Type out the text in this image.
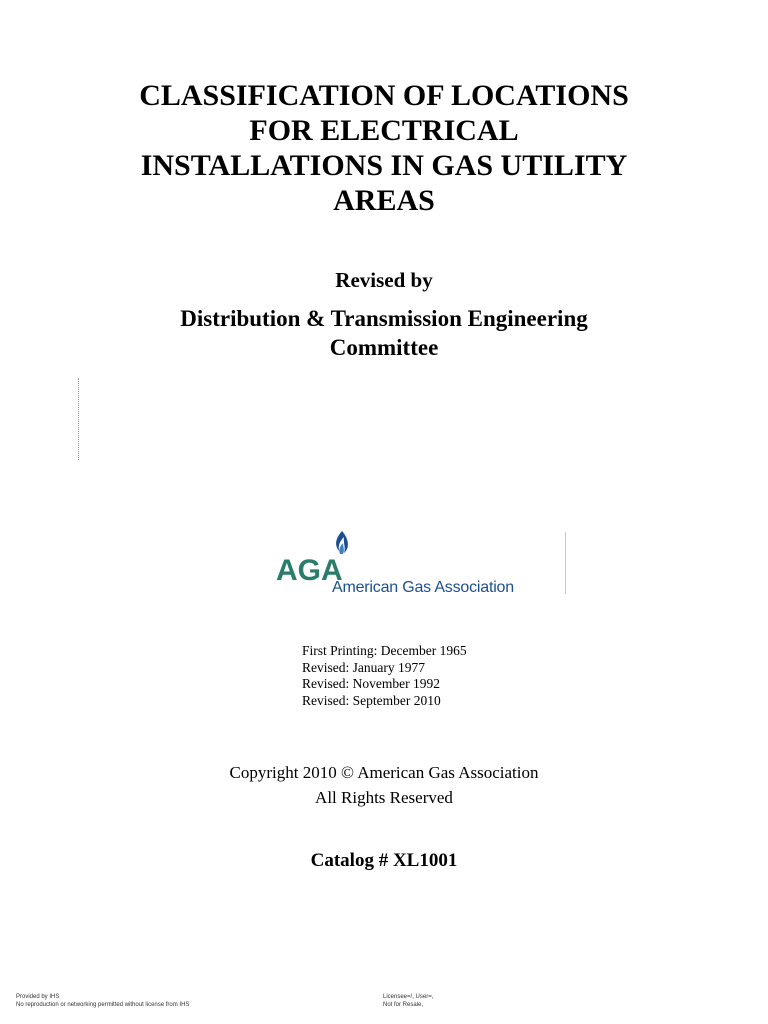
CLASSIFICATION OF LOCATIONS
FOR ELECTRICAL
INSTALLATIONS IN GAS UTILITY
AREAS
Revised by
Distribution & Transmission Engineering
Committee
AGA
American Gas Association
First Printing: December 1965
Revised: January 1977
Revised: November 1992
Revised: September 2010
Copyright 2010 © American Gas Association
All Rights Reserved
Catalog # XL1001
Provided by IHS
No reproduction or networking permitted without license from IHS
Licensee=/, User=,
Not for Resale,
